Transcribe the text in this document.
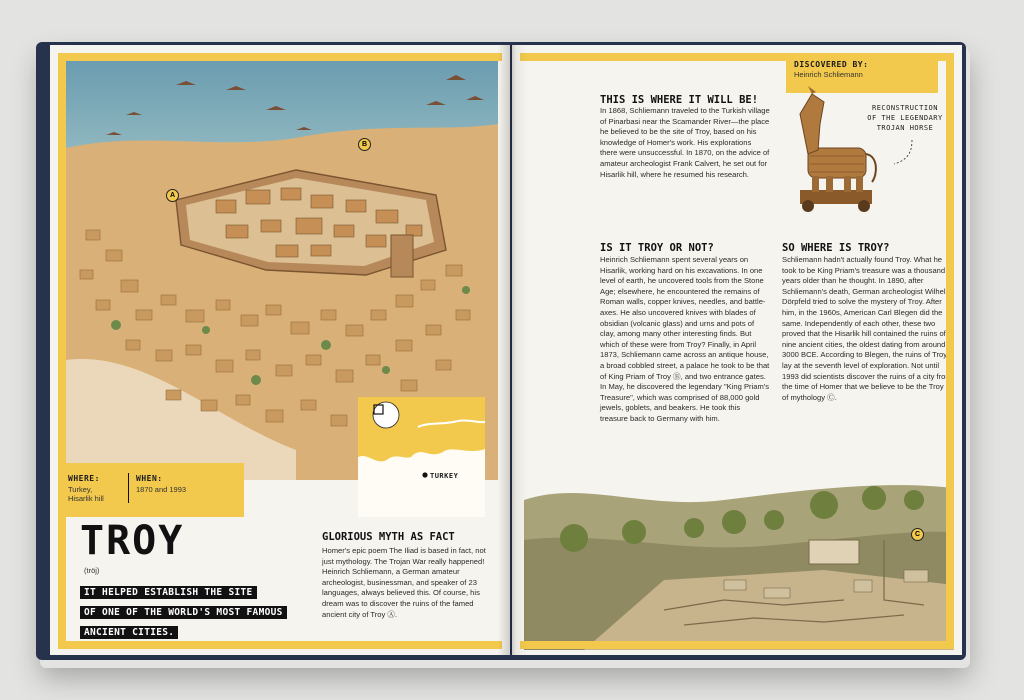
A
B
TURKEY
WHERE:
Turkey,
Hisarlik hill
WHEN:
1870 and 1993
TROY
(tröj)
IT HELPED ESTABLISH THE SITE
OF ONE OF THE WORLD'S MOST FAMOUS
ANCIENT CITIES.
GLORIOUS MYTH AS FACT
Homer's epic poem The Iliad is based in fact, not just mythology. The Trojan War really happened! Heinrich Schliemann, a German amateur archeologist, businessman, and speaker of 23 languages, always believed this. Of course, his dream was to discover the ruins of the famed ancient city of Troy Ⓐ.
26
DISCOVERED BY:
Heinrich Schliemann
RECONSTRUCTION
OF THE LEGENDARY
TROJAN HORSE
THIS IS WHERE IT WILL BE!
In 1868, Schliemann traveled to the Turkish village of Pinarbasi near the Scamander River—the place he believed to be the site of Troy, based on his knowledge of Homer's work. His explorations there were unsuccessful. In 1870, on the advice of amateur archeologist Frank Calvert, he set out for Hisarlik hill, where he resumed his research.
IS IT TROY OR NOT?
Heinrich Schliemann spent several years on Hisarlik, working hard on his excavations. In one level of earth, he uncovered tools from the Stone Age; elsewhere, he encountered the remains of Roman walls, copper knives, needles, and battle-axes. He also uncovered knives with blades of obsidian (volcanic glass) and urns and pots of clay, among many other interesting finds. But which of these were from Troy? Finally, in April 1873, Schliemann came across an antique house, a broad cobbled street, a palace he took to be that of King Priam of Troy Ⓑ, and two entrance gates. In May, he discovered the legendary "King Priam's Treasure", which was comprised of 88,000 gold jewels, goblets, and beakers. He took this treasure back to Germany with him.
SO WHERE IS TROY?
Schliemann hadn't actually found Troy. What he took to be King Priam's treasure was a thousand years older than he thought. In 1890, after Schliemann's death, German archeologist Wilhelm Dörpfeld tried to solve the mystery of Troy. After him, in the 1960s, American Carl Blegen did the same. Independently of each other, these two proved that the Hisarlik hill contained the ruins of nine ancient cities, the oldest dating from around 3000 BCE. According to Blegen, the ruins of Troy lay at the seventh level of exploration. Not until 1993 did scientists discover the ruins of a city from the time of Homer that we believe to be the Troy of mythology Ⓒ.
C
27
